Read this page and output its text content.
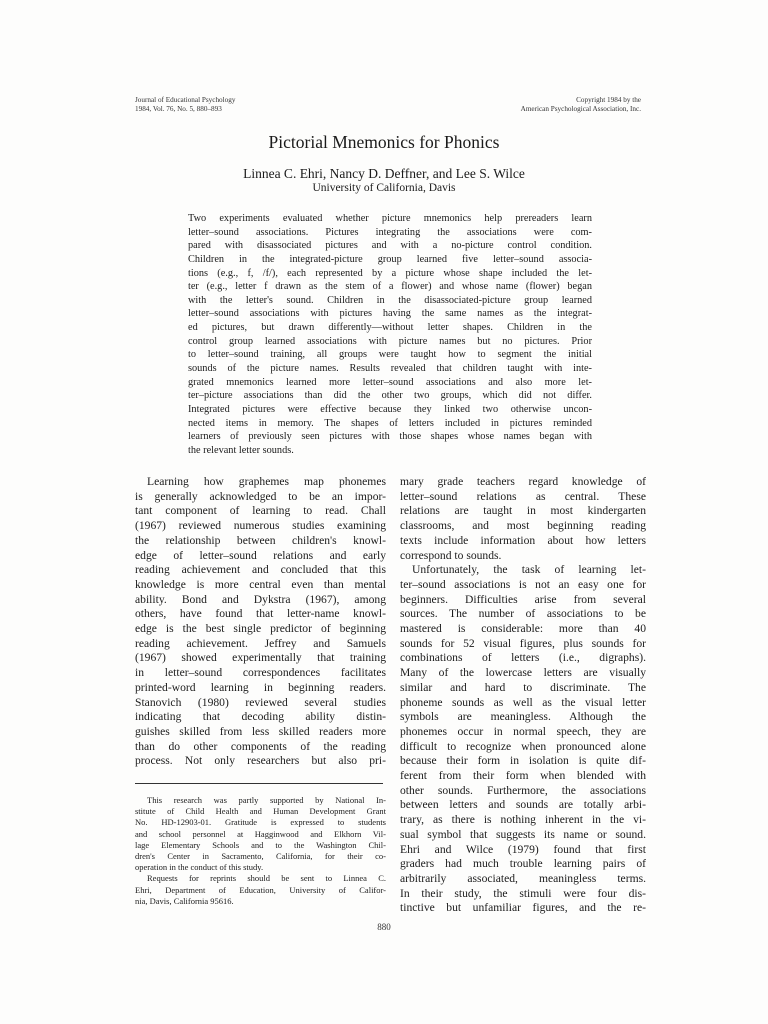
Journal of Educational Psychology
1984, Vol. 76, No. 5, 880–893
Copyright 1984 by the
American Psychological Association, Inc.
Pictorial Mnemonics for Phonics
Linnea C. Ehri, Nancy D. Deffner, and Lee S. Wilce
University of California, Davis
Two experiments evaluated whether picture mnemonics help prereaders learn
letter–sound associations. Pictures integrating the associations were com-
pared with disassociated pictures and with a no-picture control condition.
Children in the integrated-picture group learned five letter–sound associa-
tions (e.g., f, /f/), each represented by a picture whose shape included the let-
ter (e.g., letter f drawn as the stem of a flower) and whose name (flower) began
with the letter's sound. Children in the disassociated-picture group learned
letter–sound associations with pictures having the same names as the integrat-
ed pictures, but drawn differently—without letter shapes. Children in the
control group learned associations with picture names but no pictures. Prior
to letter–sound training, all groups were taught how to segment the initial
sounds of the picture names. Results revealed that children taught with inte-
grated mnemonics learned more letter–sound associations and also more let-
ter–picture associations than did the other two groups, which did not differ.
Integrated pictures were effective because they linked two otherwise uncon-
nected items in memory. The shapes of letters included in pictures reminded
learners of previously seen pictures with those shapes whose names began with
the relevant letter sounds.
Learning how graphemes map phonemes
is generally acknowledged to be an impor-
tant component of learning to read. Chall
(1967) reviewed numerous studies examining
the relationship between children's knowl-
edge of letter–sound relations and early
reading achievement and concluded that this
knowledge is more central even than mental
ability. Bond and Dykstra (1967), among
others, have found that letter-name knowl-
edge is the best single predictor of beginning
reading achievement. Jeffrey and Samuels
(1967) showed experimentally that training
in letter–sound correspondences facilitates
printed-word learning in beginning readers.
Stanovich (1980) reviewed several studies
indicating that decoding ability distin-
guishes skilled from less skilled readers more
than do other components of the reading
process. Not only researchers but also pri-
This research was partly supported by National In-
stitute of Child Health and Human Development Grant
No. HD-12903-01. Gratitude is expressed to students
and school personnel at Hagginwood and Elkhorn Vil-
lage Elementary Schools and to the Washington Chil-
dren's Center in Sacramento, California, for their co-
operation in the conduct of this study.
Requests for reprints should be sent to Linnea C.
Ehri, Department of Education, University of Califor-
nia, Davis, California 95616.
mary grade teachers regard knowledge of
letter–sound relations as central. These
relations are taught in most kindergarten
classrooms, and most beginning reading
texts include information about how letters
correspond to sounds.
Unfortunately, the task of learning let-
ter–sound associations is not an easy one for
beginners. Difficulties arise from several
sources. The number of associations to be
mastered is considerable: more than 40
sounds for 52 visual figures, plus sounds for
combinations of letters (i.e., digraphs).
Many of the lowercase letters are visually
similar and hard to discriminate. The
phoneme sounds as well as the visual letter
symbols are meaningless. Although the
phonemes occur in normal speech, they are
difficult to recognize when pronounced alone
because their form in isolation is quite dif-
ferent from their form when blended with
other sounds. Furthermore, the associations
between letters and sounds are totally arbi-
trary, as there is nothing inherent in the vi-
sual symbol that suggests its name or sound.
Ehri and Wilce (1979) found that first
graders had much trouble learning pairs of
arbitrarily associated, meaningless terms.
In their study, the stimuli were four dis-
tinctive but unfamiliar figures, and the re-
880
